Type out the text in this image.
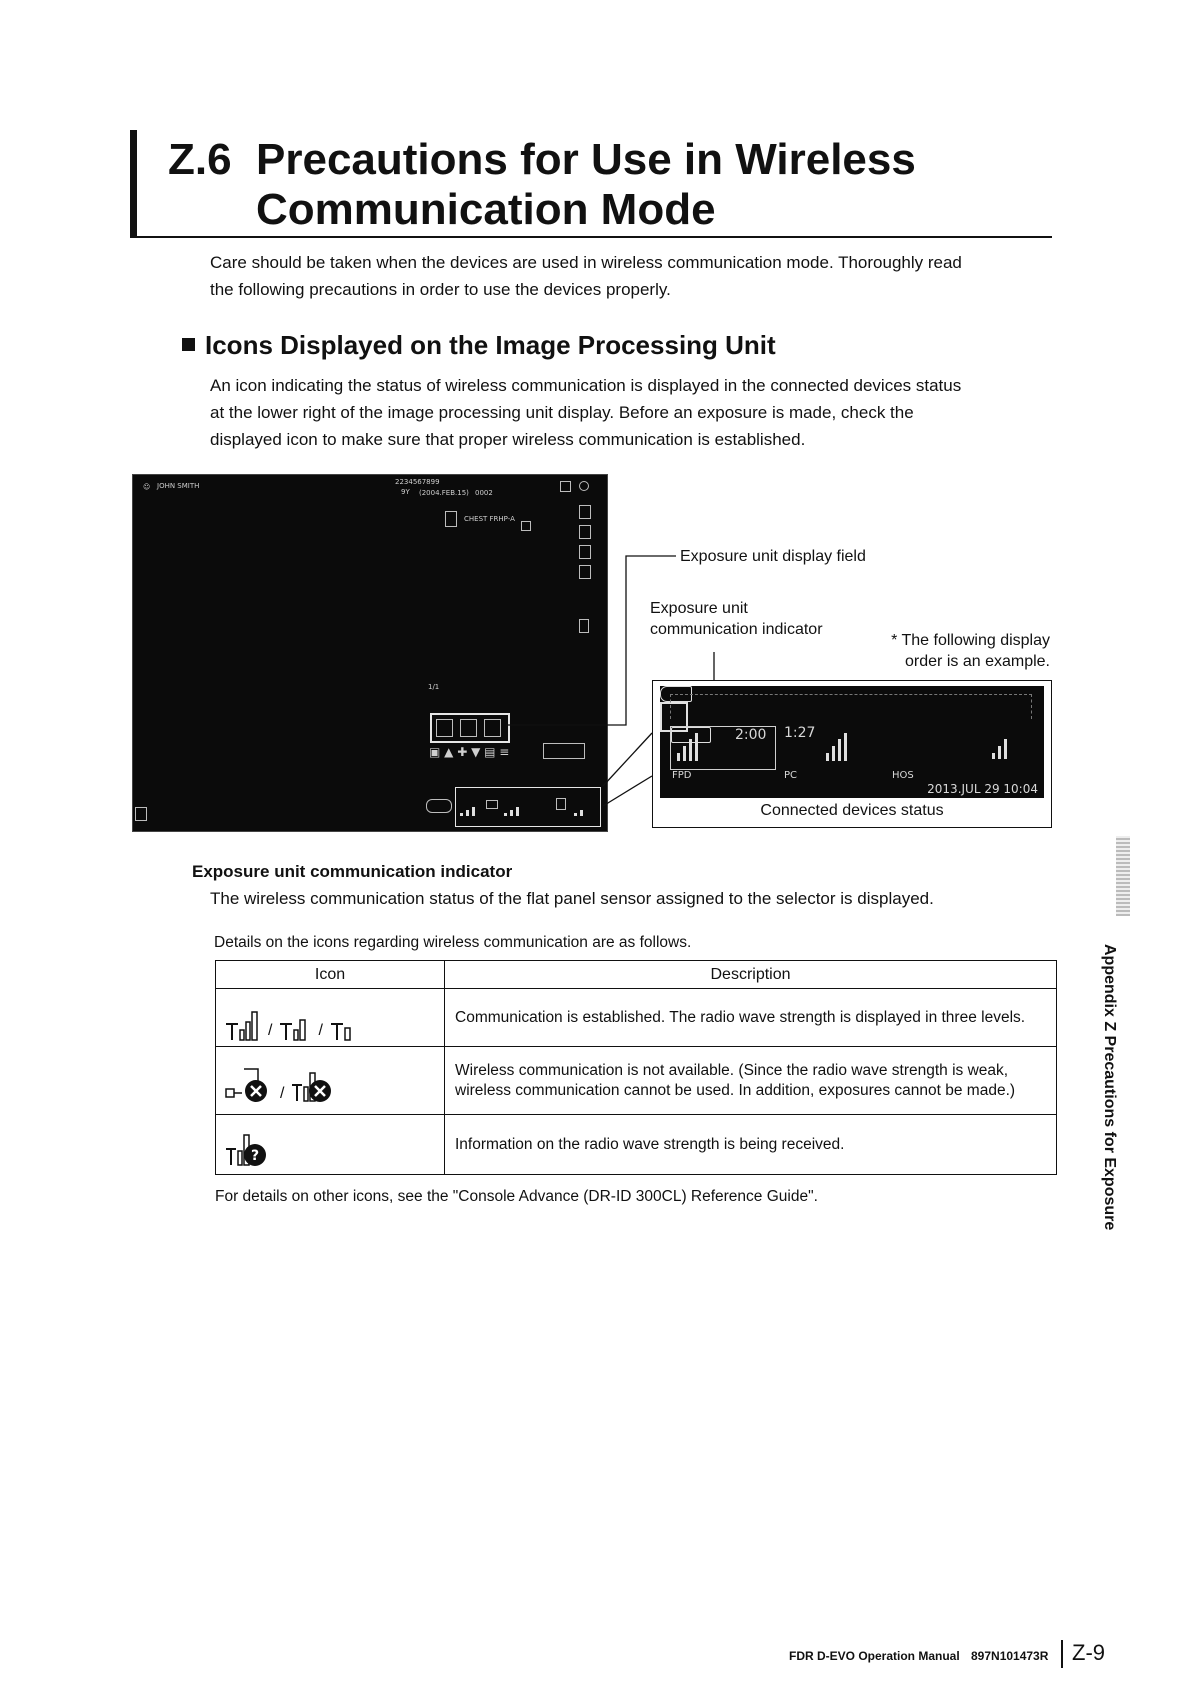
Z.6 Precautions for Use in Wireless
Communication Mode
Care should be taken when the devices are used in wireless communication mode. Thoroughly read
the following precautions in order to use the devices properly.
Icons Displayed on the Image Processing Unit
An icon indicating the status of wireless communication is displayed in the connected devices status
at the lower right of the image processing unit display. Before an exposure is made, check the
displayed icon to make sure that proper wireless communication is established.
☺ JOHN SMITH	2234567899
9Y (2004.FEB.15) 0002
CHEST FRHP-A
1/1
▣ ▲ ✚ ▼ ▤ ≡
Exposure unit display field
Exposure unit
communication indicator
* The following display
order is an example.
2:00
FPD
1:27
PC	HOS
2013.JUL 29 10:04
Connected devices status
Exposure unit communication indicator
The wireless communication status of the flat panel sensor assigned to the selector is displayed.
Details on the icons regarding wireless communication are as follows.
Icon	Description

/ /	Communication is established. The radio wave strength is displayed in three levels.

/	Wireless communication is not available. (Since the radio wave strength is weak, wireless communication cannot be used. In addition, exposures cannot be made.)

?	Information on the radio wave strength is being received.
For details on other icons, see the "Console Advance (DR-ID 300CL) Reference Guide".	Appendix Z Precautions for Exposure
FDR D-EVO Operation Manual 897N101473R Z-9
